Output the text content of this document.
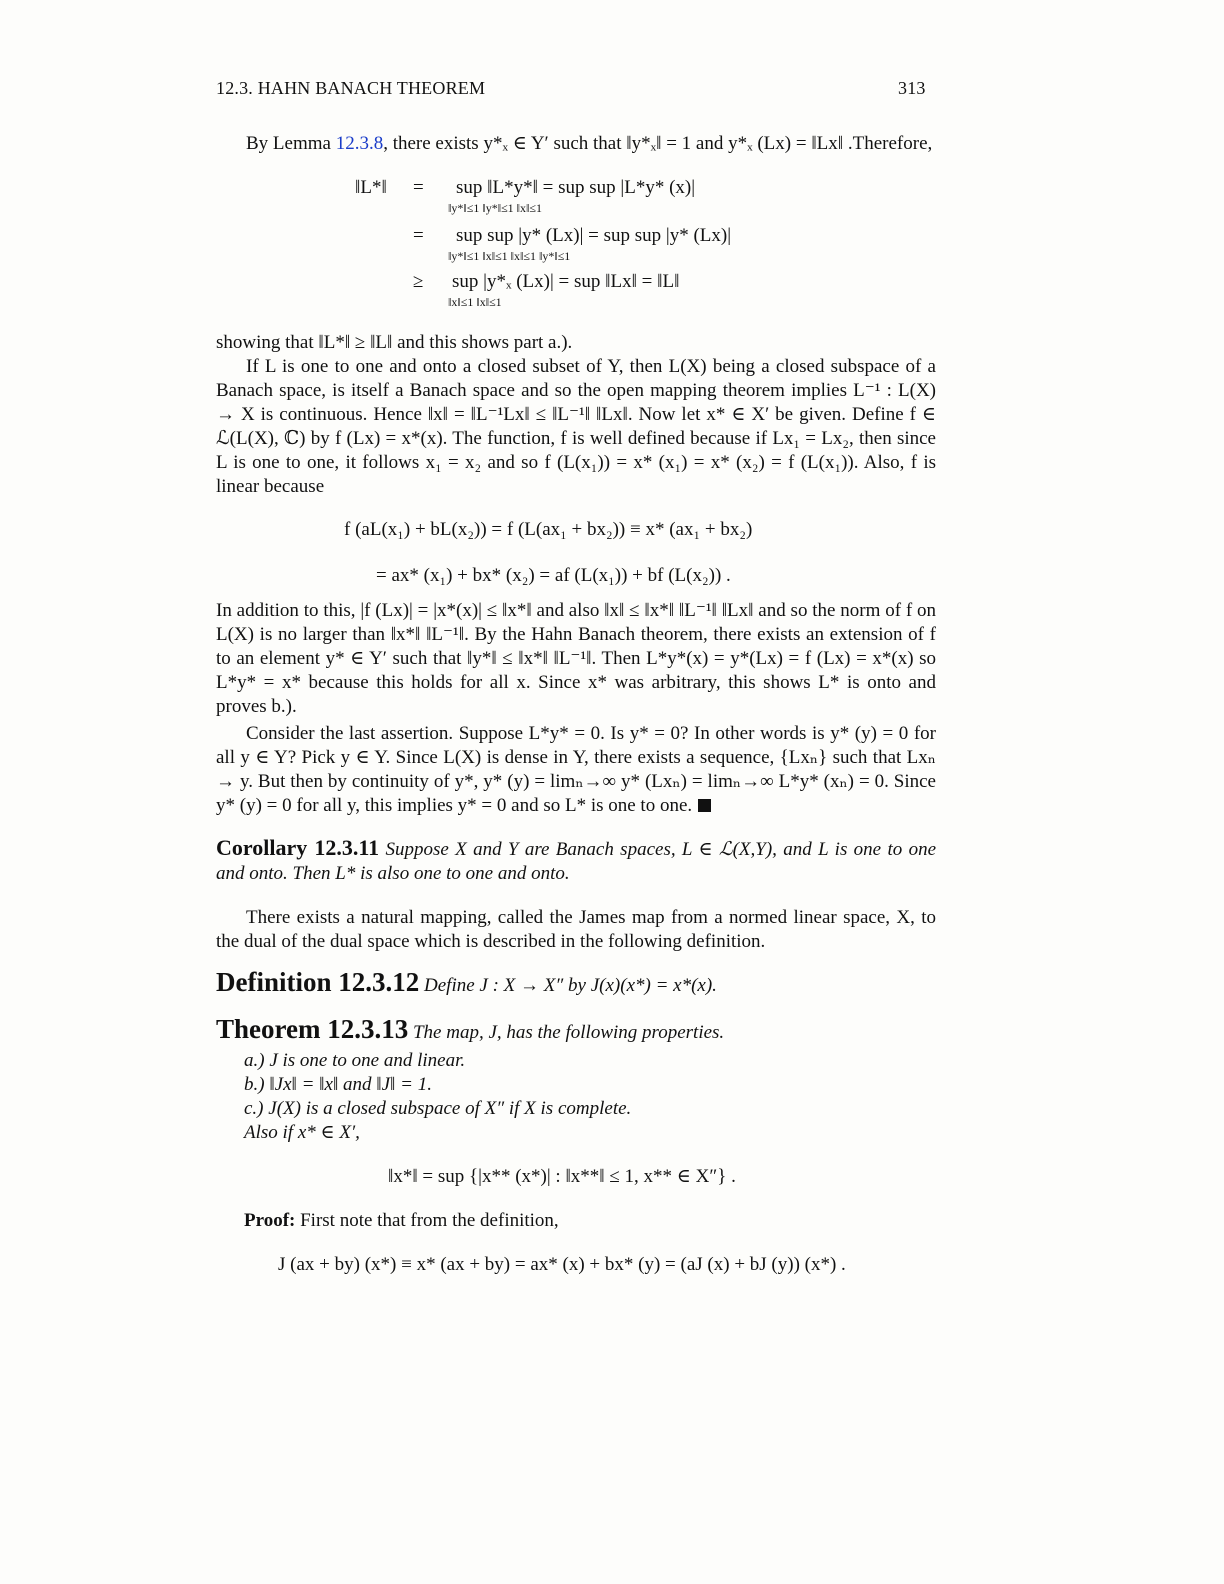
12.3. HAHN BANACH THEOREM	313
By Lemma 12.3.8, there exists y*ₓ ∈ Y′ such that ‖y*ₓ‖ = 1 and y*ₓ (Lx) = ‖Lx‖ .Therefore,
‖L*‖ = sup ‖L*y*‖ = sup sup |L*y* (x)|
‖y*‖≤1 ‖y*‖≤1 ‖x‖≤1
= sup sup |y* (Lx)| = sup sup |y* (Lx)|
‖y*‖≤1 ‖x‖≤1 ‖x‖≤1 ‖y*‖≤1
≥ sup |y*ₓ (Lx)| = sup ‖Lx‖ = ‖L‖
‖x‖≤1 ‖x‖≤1
showing that ‖L*‖ ≥ ‖L‖ and this shows part a.).
If L is one to one and onto a closed subset of Y, then L(X) being a closed subspace of a Banach space, is itself a Banach space and so the open mapping theorem implies L⁻¹ : L(X) → X is continuous. Hence ‖x‖ = ‖L⁻¹Lx‖ ≤ ‖L⁻¹‖ ‖Lx‖. Now let x* ∈ X′ be given. Define f ∈ ℒ(L(X), ℂ) by f (Lx) = x*(x). The function, f is well defined because if Lx₁ = Lx₂, then since L is one to one, it follows x₁ = x₂ and so f (L(x₁)) = x* (x₁) = x* (x₂) = f (L(x₁)). Also, f is linear because
f (aL(x₁) + bL(x₂)) = f (L(ax₁ + bx₂)) ≡ x* (ax₁ + bx₂)
= ax* (x₁) + bx* (x₂) = af (L(x₁)) + bf (L(x₂)) .
In addition to this, |f (Lx)| = |x*(x)| ≤ ‖x*‖ and also ‖x‖ ≤ ‖x*‖ ‖L⁻¹‖ ‖Lx‖ and so the norm of f on L(X) is no larger than ‖x*‖ ‖L⁻¹‖. By the Hahn Banach theorem, there exists an extension of f to an element y* ∈ Y′ such that ‖y*‖ ≤ ‖x*‖ ‖L⁻¹‖. Then L*y*(x) = y*(Lx) = f (Lx) = x*(x) so L*y* = x* because this holds for all x. Since x* was arbitrary, this shows L* is onto and proves b.).
Consider the last assertion. Suppose L*y* = 0. Is y* = 0? In other words is y* (y) = 0 for all y ∈ Y? Pick y ∈ Y. Since L(X) is dense in Y, there exists a sequence, {Lxₙ} such that Lxₙ → y. But then by continuity of y*, y* (y) = limₙ→∞ y* (Lxₙ) = limₙ→∞ L*y* (xₙ) = 0. Since y* (y) = 0 for all y, this implies y* = 0 and so L* is one to one.
Corollary 12.3.11 Suppose X and Y are Banach spaces, L ∈ ℒ(X,Y), and L is one to one and onto. Then L* is also one to one and onto.
There exists a natural mapping, called the James map from a normed linear space, X, to the dual of the dual space which is described in the following definition.
Definition 12.3.12 Define J : X → X″ by J(x)(x*) = x*(x).
Theorem 12.3.13 The map, J, has the following properties.
a.) J is one to one and linear.
b.) ‖Jx‖ = ‖x‖ and ‖J‖ = 1.
c.) J(X) is a closed subspace of X″ if X is complete.
Also if x* ∈ X′,
‖x*‖ = sup {|x** (x*)| : ‖x**‖ ≤ 1, x** ∈ X″} .
Proof: First note that from the definition,
J (ax + by) (x*) ≡ x* (ax + by) = ax* (x) + bx* (y) = (aJ (x) + bJ (y)) (x*) .
